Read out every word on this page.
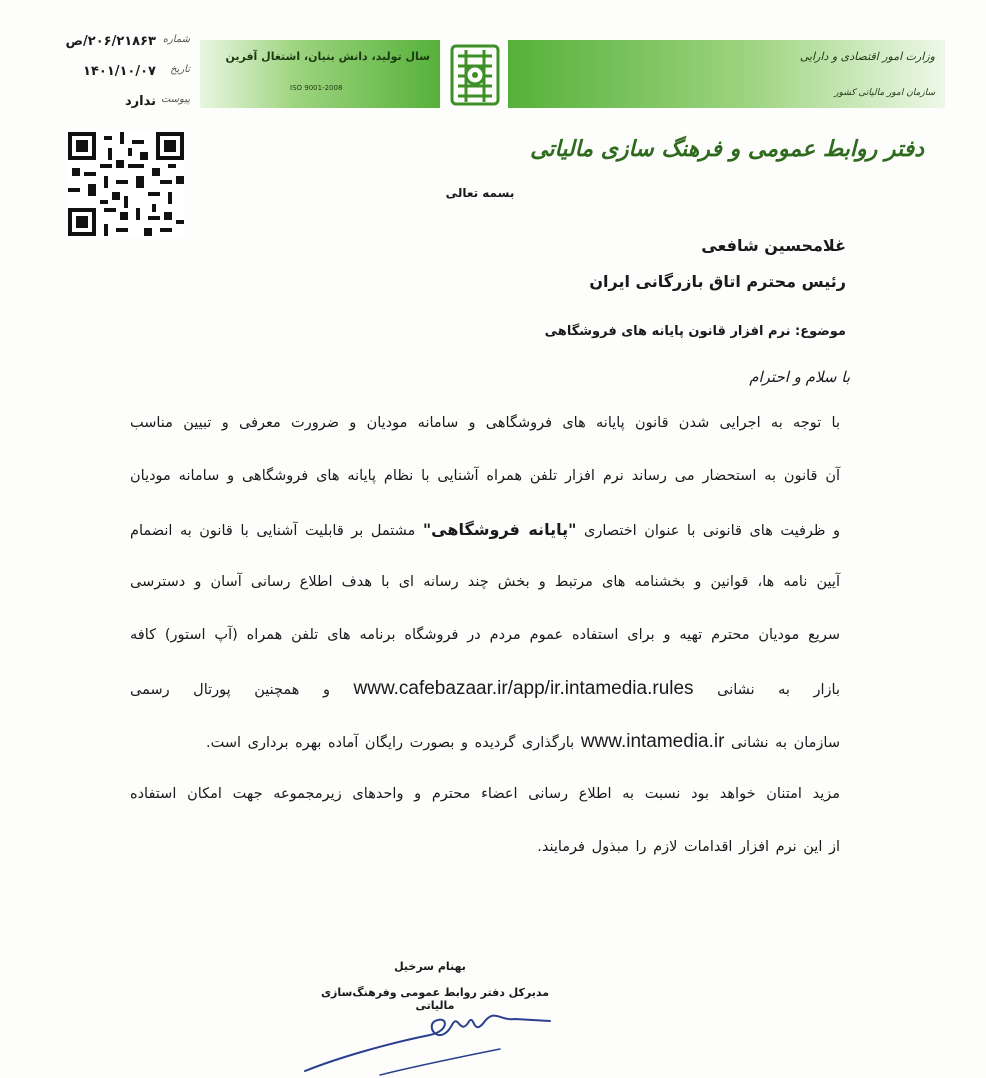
شماره
۲۰۶/۲۱۸۶۳/ص
تاریخ
۱۴۰۱/۱۰/۰۷
پیوست
ندارد
سال تولید، دانش بنیان، اشتغال آفرین
ISO 9001-2008
وزارت امور اقتصادی و دارایی
سازمان امور مالیاتی کشور
دفتر روابط عمومی و فرهنگ سازی مالیاتی
بسمه تعالی
غلامحسین شافعی
رئیس محترم اتاق بازرگانی ایران
موضوع: نرم افزار قانون پایانه های فروشگاهی
با سلام و احترام
با توجه به اجرایی شدن قانون پایانه های فروشگاهی و سامانه مودیان و ضرورت معرفی و تبیین مناسب
آن قانون به استحضار می رساند نرم افزار تلفن همراه آشنایی با نظام پایانه های فروشگاهی و سامانه مودیان
و ظرفیت های قانونی با عنوان اختصاری "پایانه فروشگاهی" مشتمل بر قابلیت آشنایی با قانون به انضمام
آیین نامه ها، قوانین و بخشنامه های مرتبط و بخش چند رسانه ای با هدف اطلاع رسانی آسان و دسترسی
سریع مودیان محترم تهیه و برای استفاده عموم مردم در فروشگاه برنامه های تلفن همراه (آپ استور) کافه
بازار به نشانی www.cafebazaar.ir/app/ir.intamedia.rules و همچنین پورتال رسمی
سازمان به نشانی www.intamedia.ir بارگذاری گردیده و بصورت رایگان آماده بهره برداری است.
مزید امتنان خواهد بود نسبت به اطلاع رسانی اعضاء محترم و واحدهای زیرمجموعه جهت امکان استفاده
از این نرم افزار اقدامات لازم را مبذول فرمایند.
بهنام سرخیل
مدیرکل دفتر روابط عمومی وفرهنگ‌سازی مالیاتی
